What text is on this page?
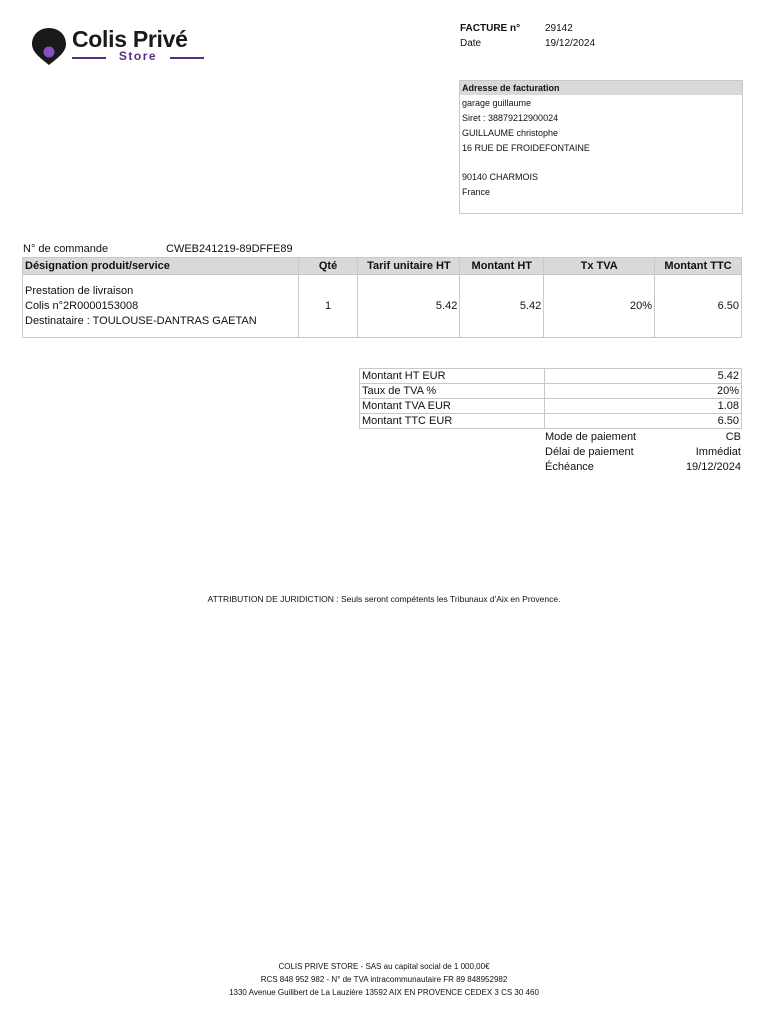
Colis Privé
Store
FACTURE n° 29142
Date	19/12/2024
Adresse de facturation
garage guillaume
Siret : 38879212900024
GUILLAUME christophe
16 RUE DE FROIDEFONTAINE
90140 CHARMOIS
France
N° de commande	CWEB241219-89DFFE89
Désignation produit/service	Qté	Tarif unitaire HT	Montant HT	Tx TVA	Montant TTC

Prestation de livraison
Colis n°2R0000153008
Destinataire : TOULOUSE-DANTRAS GAETAN	1	5.42	5.42	20%	6.50
Montant HT EUR	5.42
Taux de TVA %	20%
Montant TVA EUR	1.08
Montant TTC EUR	6.50
Mode de paiement	CB
Délai de paiement	Immédiat
Échéance	19/12/2024
ATTRIBUTION DE JURIDICTION : Seuls seront compétents les Tribunaux d'Aix en Provence.
COLIS PRIVE STORE - SAS au capital social de 1 000,00€
RCS 848 952 982 - N° de TVA intracommunautaire FR 89 848952982
1330 Avenue Guilibert de La Lauzière 13592 AIX EN PROVENCE CEDEX 3 CS 30 460
